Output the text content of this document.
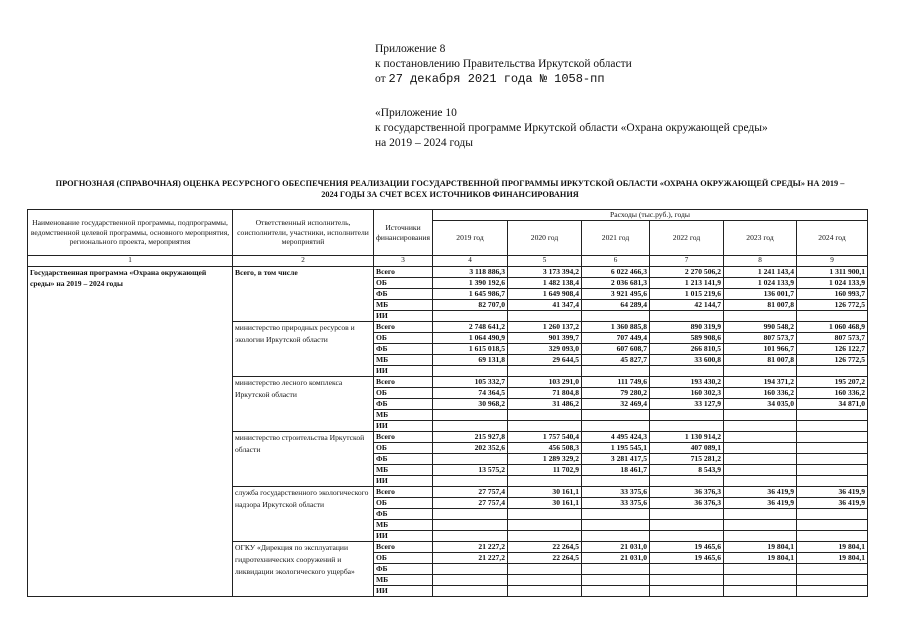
Приложение 8
к постановлению Правительства Иркутской области
от 27 декабря 2021 года № 1058-пп
«Приложение 10
к государственной программе Иркутской области «Охрана окружающей среды»
на 2019 – 2024 годы
ПРОГНОЗНАЯ (СПРАВОЧНАЯ) ОЦЕНКА РЕСУРСНОГО ОБЕСПЕЧЕНИЯ РЕАЛИЗАЦИИ ГОСУДАРСТВЕННОЙ ПРОГРАММЫ ИРКУТСКОЙ ОБЛАСТИ «ОХРАНА ОКРУЖАЮЩЕЙ СРЕДЫ» НА 2019 –
2024 ГОДЫ ЗА СЧЕТ ВСЕХ ИСТОЧНИКОВ ФИНАНСИРОВАНИЯ
Наименование государственной программы, подпрограммы, ведомственной целевой программы, основного мероприятия, регионального проекта, мероприятия	Ответственный исполнитель, соисполнители, участники, исполнители мероприятий	Источники финансирования	Расходы (тыс.руб.), годы					
			2019 год	2020 год	2021 год	2022 год	2023 год	2024 год
1	2	3	4	5	6	7	8	9
Государственная программа «Охрана окружающей среды» на 2019 – 2024 годы	Всего, в том числе	Всего	3 118 886,3	3 173 394,2	6 022 466,3	2 270 506,2	1 241 143,4	1 311 900,1
		ОБ	1 390 192,6	1 482 138,4	2 036 681,3	1 213 141,9	1 024 133,9	1 024 133,9
		ФБ	1 645 986,7	1 649 908,4	3 921 495,6	1 015 219,6	136 001,7	160 993,7
		МБ	82 707,0	41 347,4	64 289,4	42 144,7	81 007,8	126 772,5
		ИИ						
	министерство природных ресурсов и экологии Иркутской области	Всего	2 748 641,2	1 260 137,2	1 360 885,8	890 319,9	990 548,2	1 060 468,9
		ОБ	1 064 490,9	901 399,7	707 449,4	589 908,6	807 573,7	807 573,7
		ФБ	1 615 018,5	329 093,0	607 608,7	266 810,5	101 966,7	126 122,7
		МБ	69 131,8	29 644,5	45 827,7	33 600,8	81 007,8	126 772,5
		ИИ						
	министерство лесного комплекса Иркутской области	Всего	105 332,7	103 291,0	111 749,6	193 430,2	194 371,2	195 207,2
		ОБ	74 364,5	71 804,8	79 280,2	160 302,3	160 336,2	160 336,2
		ФБ	30 968,2	31 486,2	32 469,4	33 127,9	34 035,0	34 871,0
		МБ						
		ИИ						
	министерство строительства Иркутской области	Всего	215 927,8	1 757 540,4	4 495 424,3	1 130 914,2		
		ОБ	202 352,6	456 508,3	1 195 545,1	407 089,1		
		ФБ		1 289 329,2	3 281 417,5	715 281,2		
		МБ	13 575,2	11 702,9	18 461,7	8 543,9		
		ИИ						
	служба государственного экологического надзора Иркутской области	Всего	27 757,4	30 161,1	33 375,6	36 376,3	36 419,9	36 419,9
		ОБ	27 757,4	30 161,1	33 375,6	36 376,3	36 419,9	36 419,9
		ФБ						
		МБ						
		ИИ						
	ОГКУ «Дирекция по эксплуатации гидротехнических сооружений и ликвидации экологического ущерба»	Всего	21 227,2	22 264,5	21 031,0	19 465,6	19 804,1	19 804,1
		ОБ	21 227,2	22 264,5	21 031,0	19 465,6	19 804,1	19 804,1
		ФБ						
		МБ						
		ИИ						
